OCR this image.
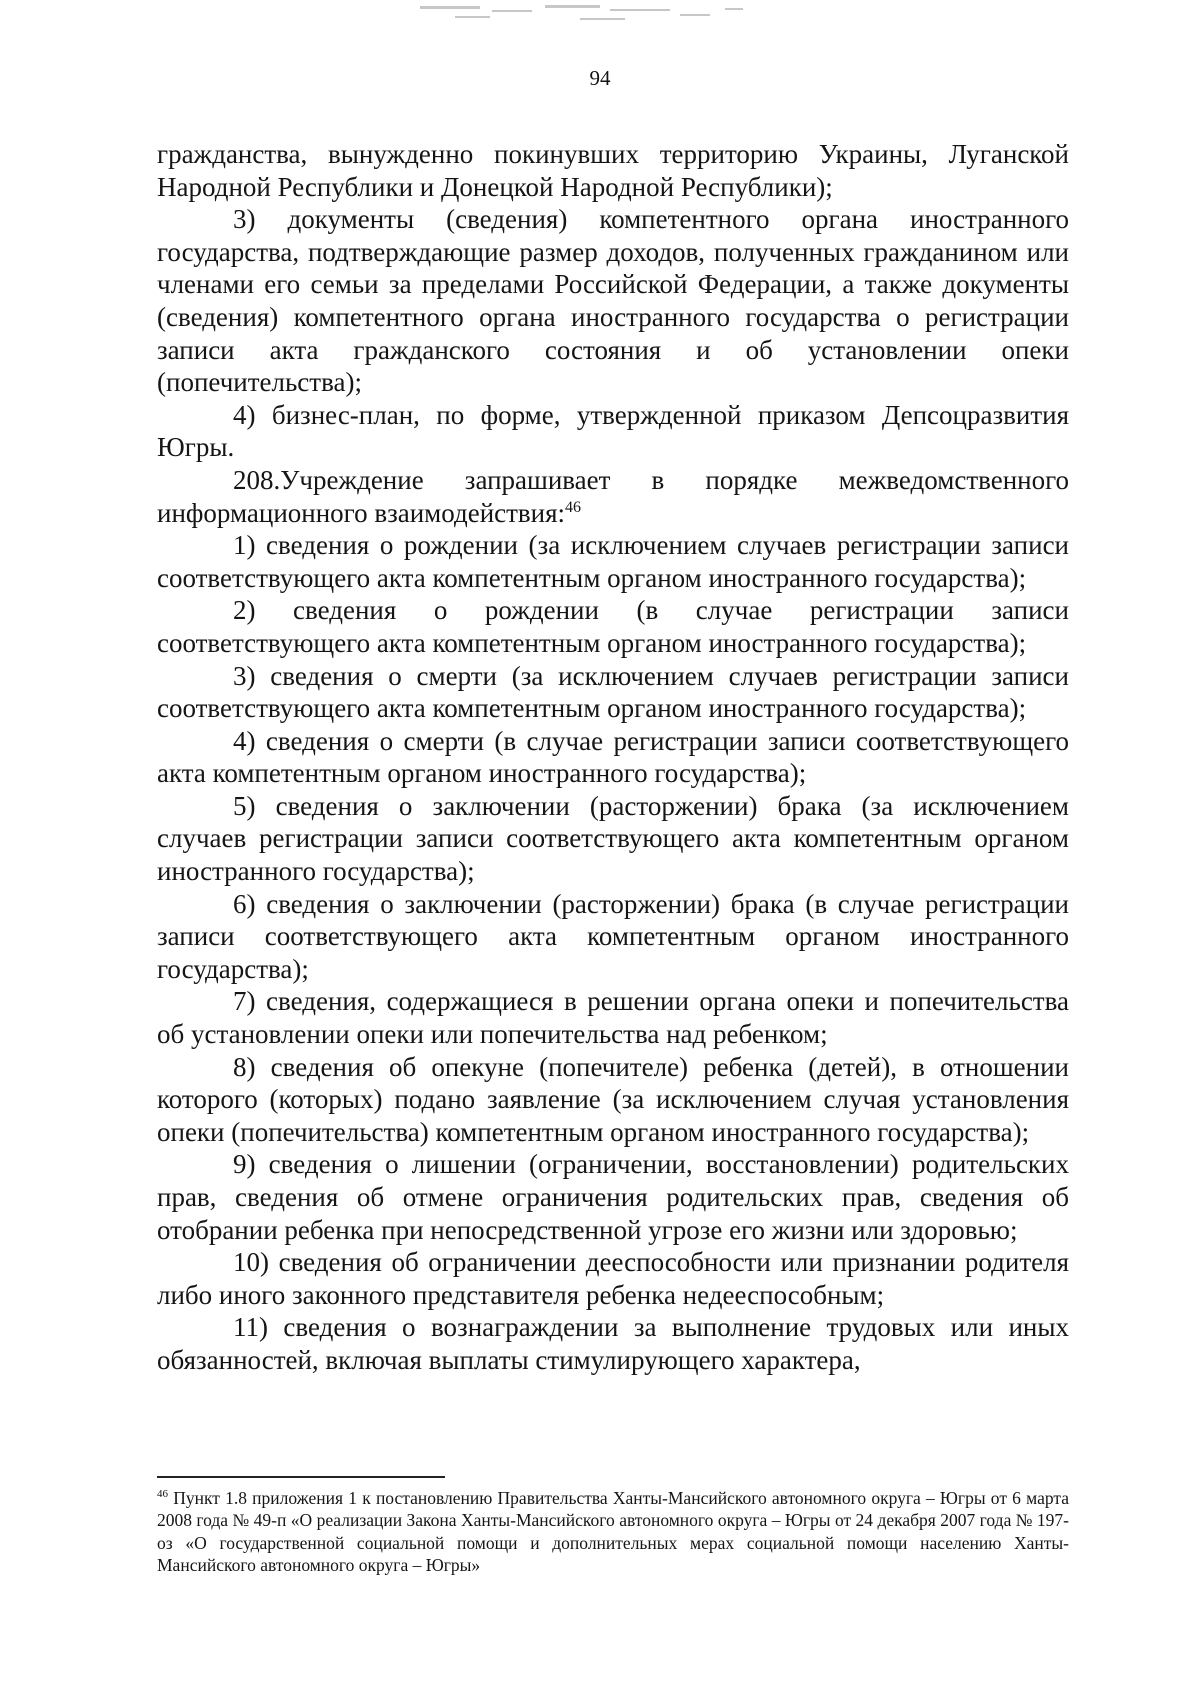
94

гражданства, вынужденно покинувших территорию Украины, Луганской Народной Республики и Донецкой Народной Республики);

3) документы (сведения) компетентного органа иностранного государства, подтверждающие размер доходов, полученных гражданином или членами его семьи за пределами Российской Федерации, а также документы (сведения) компетентного органа иностранного государства о регистрации записи акта гражданского состояния и об установлении опеки (попечительства);

4) бизнес-план, по форме, утвержденной приказом Депсоцразвития Югры.

208.Учреждение запрашивает в порядке межведомственного информационного взаимодействия:$^{46}$

1) сведения о рождении (за исключением случаев регистрации записи соответствующего акта компетентным органом иностранного государства);

2) сведения о рождении (в случае регистрации записи соответствующего акта компетентным органом иностранного государства);

3) сведения о смерти (за исключением случаев регистрации записи соответствующего акта компетентным органом иностранного государства);

4) сведения о смерти (в случае регистрации записи соответствующего акта компетентным органом иностранного государства);

5) сведения о заключении (расторжении) брака (за исключением случаев регистрации записи соответствующего акта компетентным органом иностранного государства);

6) сведения о заключении (расторжении) брака (в случае регистрации записи соответствующего акта компетентным органом иностранного государства);

7) сведения, содержащиеся в решении органа опеки и попечительства об установлении опеки или попечительства над ребенком;

8) сведения об опекуне (попечителе) ребенка (детей), в отношении которого (которых) подано заявление (за исключением случая установления опеки (попечительства) компетентным органом иностранного государства);

9) сведения о лишении (ограничении, восстановлении) родительских прав, сведения об отмене ограничения родительских прав, сведения об отобрании ребенка при непосредственной угрозе его жизни или здоровью;

10) сведения об ограничении дееспособности или признании родителя либо иного законного представителя ребенка недееспособным;

11) сведения о вознаграждении за выполнение трудовых или иных обязанностей, включая выплаты стимулирующего характера,

$^{46}$ Пункт 1.8 приложения 1 к постановлению Правительства Ханты-Мансийского автономного округа – Югры от 6 марта 2008 года № 49-п «О реализации Закона Ханты-Мансийского автономного округа – Югры от 24 декабря 2007 года № 197-оз «О государственной социальной помощи и дополнительных мерах социальной помощи населению Ханты-Мансийского автономного округа – Югры»
